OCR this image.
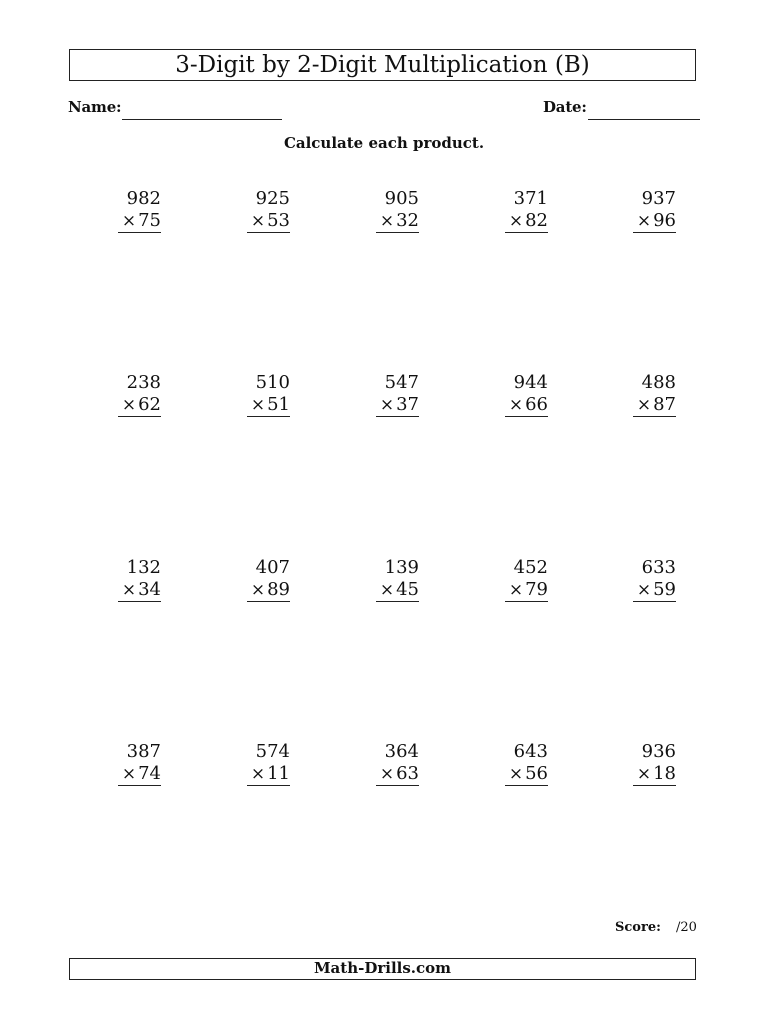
3-Digit by 2-Digit Multiplication (B)
Name:	Date:
Calculate each product.
982
× 75
925
× 53
905
× 32
371
× 82
937
× 96
238
× 62
510
× 51
547
× 37
944
× 66
488
× 87
132
× 34
407
× 89
139
× 45
452
× 79
633
× 59
387
× 74
574
× 11
364
× 63
643
× 56
936
× 18
Score: /20
Math-Drills.com
